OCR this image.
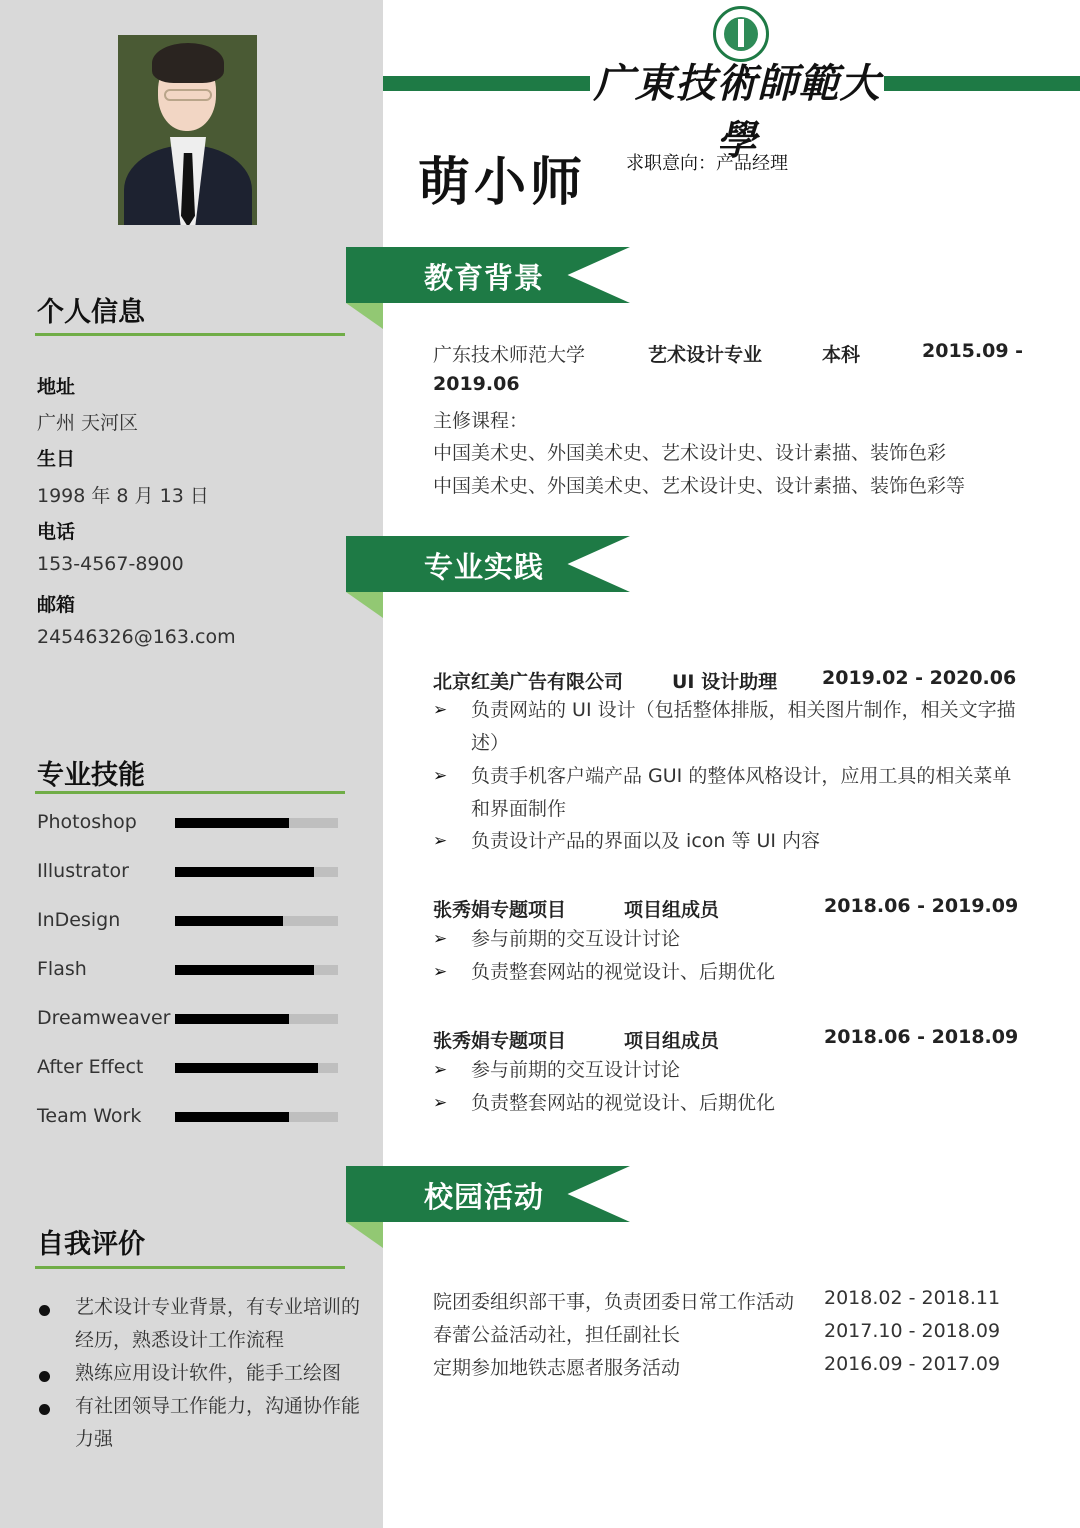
个人信息
地址
广州 天河区
生日
1998 年 8 月 13 日
电话
153-4567-8900
邮箱
24546326@163.com
专业技能
Photoshop
Illustrator
InDesign
Flash
Dreamweaver
After Effect
Team Work
自我评价
艺术设计专业背景，有专业培训的经历，熟悉设计工作流程
熟练应用设计软件，能手工绘图
有社团领导工作能力，沟通协作能力强
广東技術師範大學
萌小师 求职意向：产品经理
教育背景
广东技术师范大学	艺术设计专业	本科	2015.09 -
2019.06
主修课程：
中国美术史、外国美术史、艺术设计史、设计素描、装饰色彩
中国美术史、外国美术史、艺术设计史、设计素描、装饰色彩等
专业实践
北京红美广告有限公司	UI 设计助理 2019.02 - 2020.06
➢ 负责网站的 UI 设计（包括整体排版，相关图片制作，相关文字描述）
➢ 负责手机客户端产品 GUI 的整体风格设计，应用工具的相关菜单和界面制作
➢ 负责设计产品的界面以及 icon 等 UI 内容
张秀娟专题项目	项目组成员	2018.06 - 2019.09
➢ 参与前期的交互设计讨论
➢ 负责整套网站的视觉设计、后期优化
张秀娟专题项目	项目组成员	2018.06 - 2018.09
➢ 参与前期的交互设计讨论
➢ 负责整套网站的视觉设计、后期优化
校园活动
院团委组织部干事，负责团委日常工作活动 2018.02 - 2018.11
春蕾公益活动社，担任副社长	2017.10 - 2018.09
定期参加地铁志愿者服务活动	2016.09 - 2017.09
